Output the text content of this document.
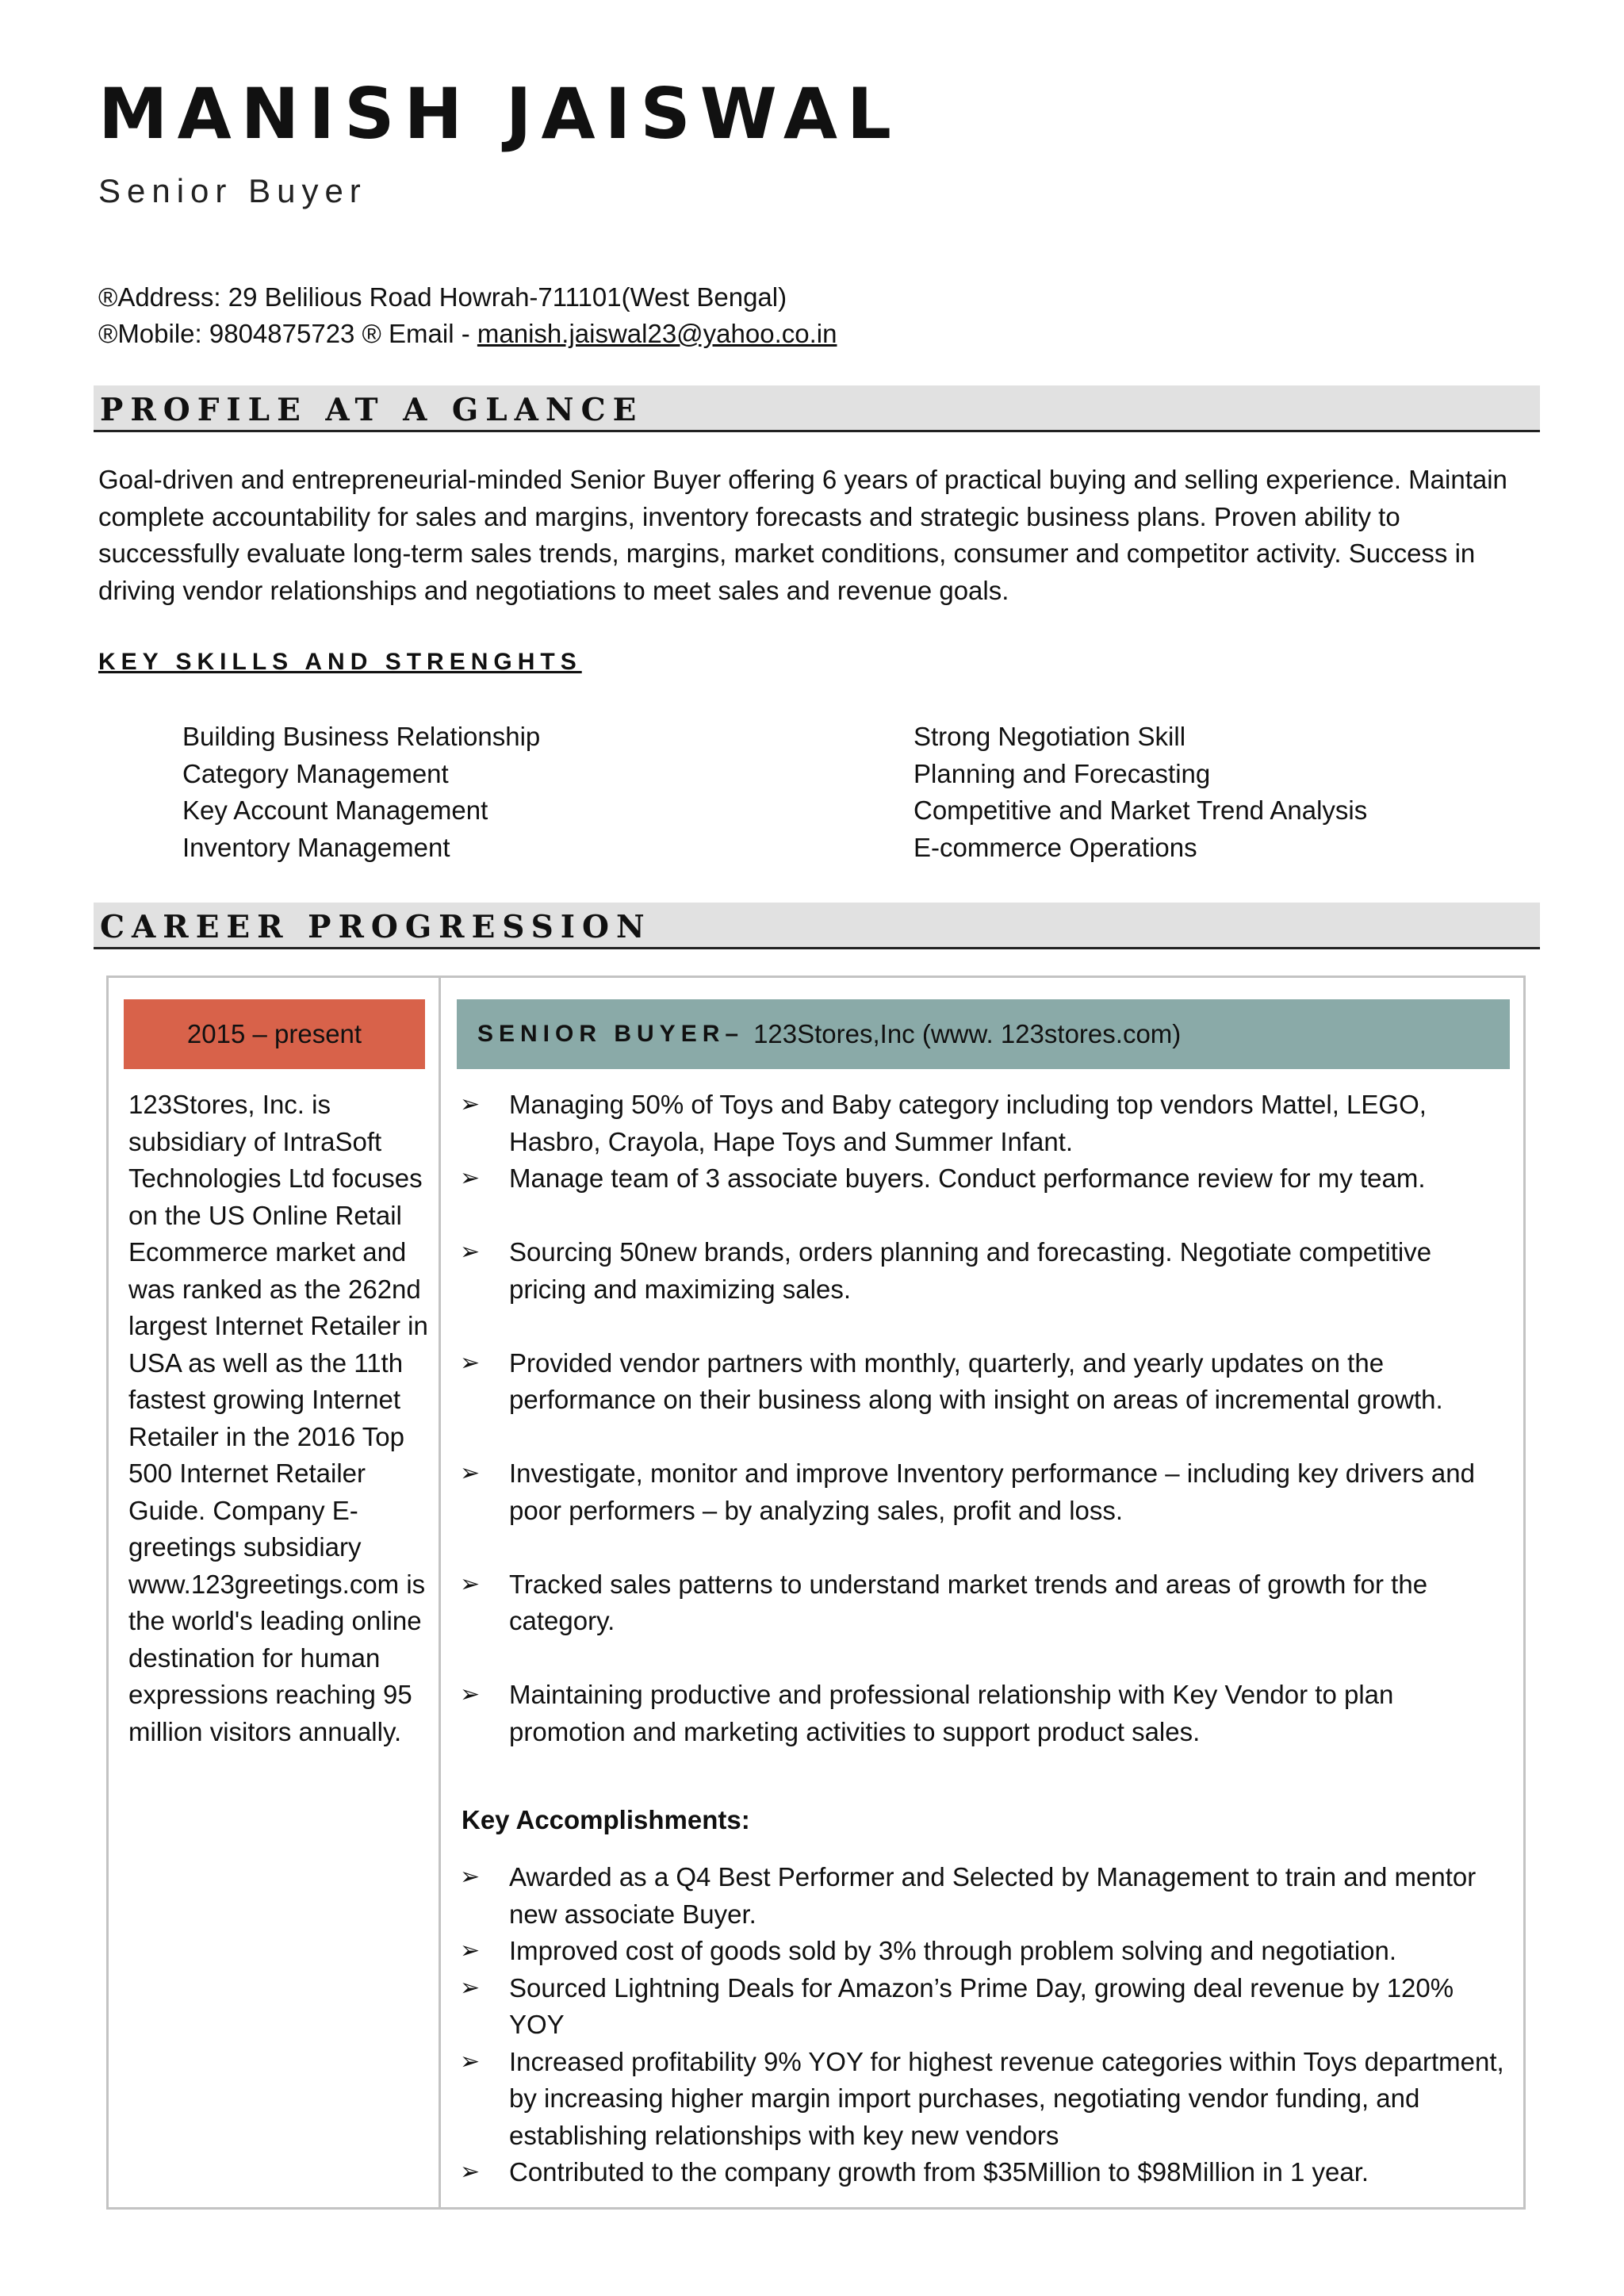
MANISH JAISWAL
Senior Buyer
®Address: 29 Belilious Road Howrah-711101(West Bengal)
®Mobile: 9804875723 ® Email - manish.jaiswal23@yahoo.co.in
PROFILE AT A GLANCE
Goal-driven and entrepreneurial-minded Senior Buyer offering 6 years of practical buying and selling experience. Maintain complete accountability for sales and margins, inventory forecasts and strategic business plans. Proven ability to successfully evaluate long-term sales trends, margins, market conditions, consumer and competitor activity. Success in driving vendor relationships and negotiations to meet sales and revenue goals.
KEY SKILLS AND STRENGHTS
Building Business Relationship
Category Management
Key Account Management
Inventory Management
Strong Negotiation Skill
Planning and Forecasting
Competitive and Market Trend Analysis
E-commerce Operations
CAREER PROGRESSION
2015 – present	SENIOR BUYER– 123Stores,Inc (www. 123stores.com)
123Stores, Inc. is subsidiary of IntraSoft Technologies Ltd focuses on the US Online Retail Ecommerce market and was ranked as the 262nd largest Internet Retailer in USA as well as the 11th fastest growing Internet Retailer in the 2016 Top 500 Internet Retailer Guide. Company E-greetings subsidiary www.123greetings.com is the world's leading online destination for human expressions reaching 95 million visitors annually.
➢	Managing 50% of Toys and Baby category including top vendors Mattel, LEGO, Hasbro, Crayola, Hape Toys and Summer Infant.
➢	Manage team of 3 associate buyers. Conduct performance review for my team.
➢	Sourcing 50new brands, orders planning and forecasting. Negotiate competitive pricing and maximizing sales.
➢	Provided vendor partners with monthly, quarterly, and yearly updates on the performance on their business along with insight on areas of incremental growth.
➢	Investigate, monitor and improve Inventory performance – including key drivers and poor performers – by analyzing sales, profit and loss.
➢	Tracked sales patterns to understand market trends and areas of growth for the category.
➢	Maintaining productive and professional relationship with Key Vendor to plan promotion and marketing activities to support product sales.
Key Accomplishments:
➢	Awarded as a Q4 Best Performer and Selected by Management to train and mentor new associate Buyer.
➢	Improved cost of goods sold by 3% through problem solving and negotiation.
➢	Sourced Lightning Deals for Amazon’s Prime Day, growing deal revenue by 120% YOY
➢	Increased profitability 9% YOY for highest revenue categories within Toys department, by increasing higher margin import purchases, negotiating vendor funding, and establishing relationships with key new vendors
➢	Contributed to the company growth from $35Million to $98Million in 1 year.
